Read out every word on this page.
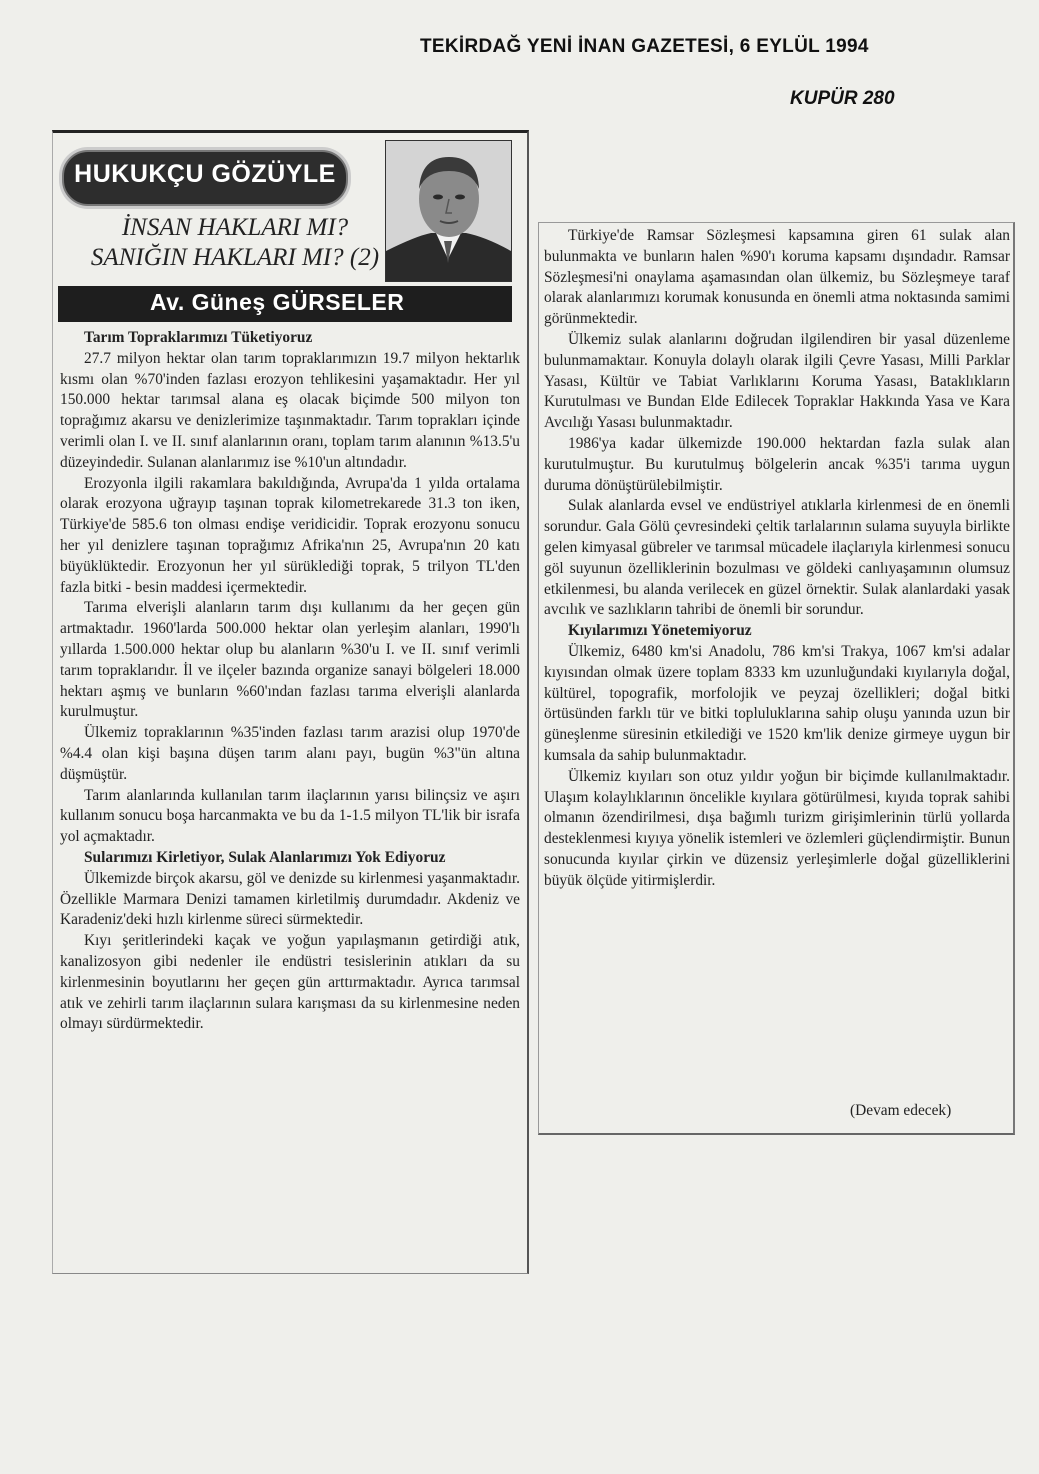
TEKİRDAĞ YENİ İNAN GAZETESİ, 6 EYLÜL 1994
KUPÜR 280
HUKUKÇU GÖZÜYLE
İNSAN HAKLARI MI?
SANIĞIN HAKLARI MI? (2)
Av. Güneş GÜRSELER
Tarım Topraklarımızı Tüketiyoruz

27.7 milyon hektar olan tarım topraklarımızın 19.7 milyon hektarlık kısmı olan %70'inden fazlası erozyon tehlikesini yaşamaktadır. Her yıl 150.000 hektar tarımsal alana eş olacak biçimde 500 milyon ton toprağımız akarsu ve denizlerimize taşınmaktadır. Tarım toprakları içinde verimli olan I. ve II. sınıf alanlarının oranı, toplam tarım alanının %13.5'u düzeyindedir. Sulanan alanlarımız ise %10'un altındadır.

Erozyonla ilgili rakamlara bakıldığında, Avrupa'da 1 yılda ortalama olarak erozyona uğrayıp taşınan toprak kilometrekarede 31.3 ton iken, Türkiye'de 585.6 ton olması endişe veridicidir. Toprak erozyonu sonucu her yıl denizlere taşınan toprağımız Afrika'nın 25, Avrupa'nın 20 katı büyüklüktedir. Erozyonun her yıl sürüklediği toprak, 5 trilyon TL'den fazla bitki - besin maddesi içermektedir.

Tarıma elverişli alanların tarım dışı kullanımı da her geçen gün artmaktadır. 1960'larda 500.000 hektar olan yerleşim alanları, 1990'lı yıllarda 1.500.000 hektar olup bu alanların %30'u I. ve II. sınıf verimli tarım topraklarıdır. İl ve ilçeler bazında organize sanayi bölgeleri 18.000 hektarı aşmış ve bunların %60'ından fazlası tarıma elverişli alanlarda kurulmuştur.

Ülkemiz topraklarının %35'inden fazlası tarım arazisi olup 1970'de %4.4 olan kişi başına düşen tarım alanı payı, bugün %3"ün altına düşmüştür.

Tarım alanlarında kullanılan tarım ilaçlarının yarısı bilinçsiz ve aşırı kullanım sonucu boşa harcanmakta ve bu da 1-1.5 milyon TL'lik bir israfa yol açmaktadır.

Sularımızı Kirletiyor, Sulak Alanlarımızı Yok Ediyoruz

Ülkemizde birçok akarsu, göl ve denizde su kirlenmesi yaşanmaktadır. Özellikle Marmara Denizi tamamen kirletilmiş durumdadır. Akdeniz ve Karadeniz'deki hızlı kirlenme süreci sürmektedir.

Kıyı şeritlerindeki kaçak ve yoğun yapılaşmanın getirdiği atık, kanalizosyon gibi nedenler ile endüstri tesislerinin atıkları da su kirlenmesinin boyutlarını her geçen gün arttırmaktadır. Ayrıca tarımsal atık ve zehirli tarım ilaçlarının sulara karışması da su kirlenmesine neden olmayı sürdürmektedir.

Türkiye'de Ramsar Sözleşmesi kapsamına giren 61 sulak alan bulunmakta ve bunların halen %90'ı koruma kapsamı dışındadır. Ramsar Sözleşmesi'ni onaylama aşamasından olan ülkemiz, bu Sözleşmeye taraf olarak alanlarımızı korumak konusunda en önemli atma noktasında samimi görünmektedir.

Ülkemiz sulak alanlarını doğrudan ilgilendiren bir yasal düzenleme bulunmamaktaır. Konuyla dolaylı olarak ilgili Çevre Yasası, Milli Parklar Yasası, Kültür ve Tabiat Varlıklarını Koruma Yasası, Bataklıkların Kurutulması ve Bundan Elde Edilecek Topraklar Hakkında Yasa ve Kara Avcılığı Yasası bulunmaktadır.

1986'ya kadar ülkemizde 190.000 hektardan fazla sulak alan kurutulmuştur. Bu kurutulmuş bölgelerin ancak %35'i tarıma uygun duruma dönüştürülebilmiştir.

Sulak alanlarda evsel ve endüstriyel atıklarla kirlenmesi de en önemli sorundur. Gala Gölü çevresindeki çeltik tarlalarının sulama suyuyla birlikte gelen kimyasal gübreler ve tarımsal mücadele ilaçlarıyla kirlenmesi sonucu göl suyunun özelliklerinin bozulması ve göldeki canlıyaşamının olumsuz etkilenmesi, bu alanda verilecek en güzel örnektir. Sulak alanlardaki yasak avcılık ve sazlıkların tahribi de önemli bir sorundur.

Kıyılarımızı Yönetemiyoruz

Ülkemiz, 6480 km'si Anadolu, 786 km'si Trakya, 1067 km'si adalar kıyısından olmak üzere toplam 8333 km uzunluğundaki kıyılarıyla doğal, kültürel, topografik, morfolojik ve peyzaj özellikleri; doğal bitki örtüsünden farklı tür ve bitki topluluklarına sahip oluşu yanında uzun bir güneşlenme süresinin etkilediği ve 1520 km'lik denize girmeye uygun bir kumsala da sahip bulunmaktadır.

Ülkemiz kıyıları son otuz yıldır yoğun bir biçimde kullanılmaktadır. Ulaşım kolaylıklarının öncelikle kıyılara götürülmesi, kıyıda toprak sahibi olmanın özendirilmesi, dışa bağımlı turizm girişimlerinin türlü yollarda desteklenmesi kıyıya yönelik istemleri ve özlemleri güçlendirmiştir. Bunun sonucunda kıyılar çirkin ve düzensiz yerleşimlerle doğal güzelliklerini büyük ölçüde yitirmişlerdir.

(Devam edecek)
